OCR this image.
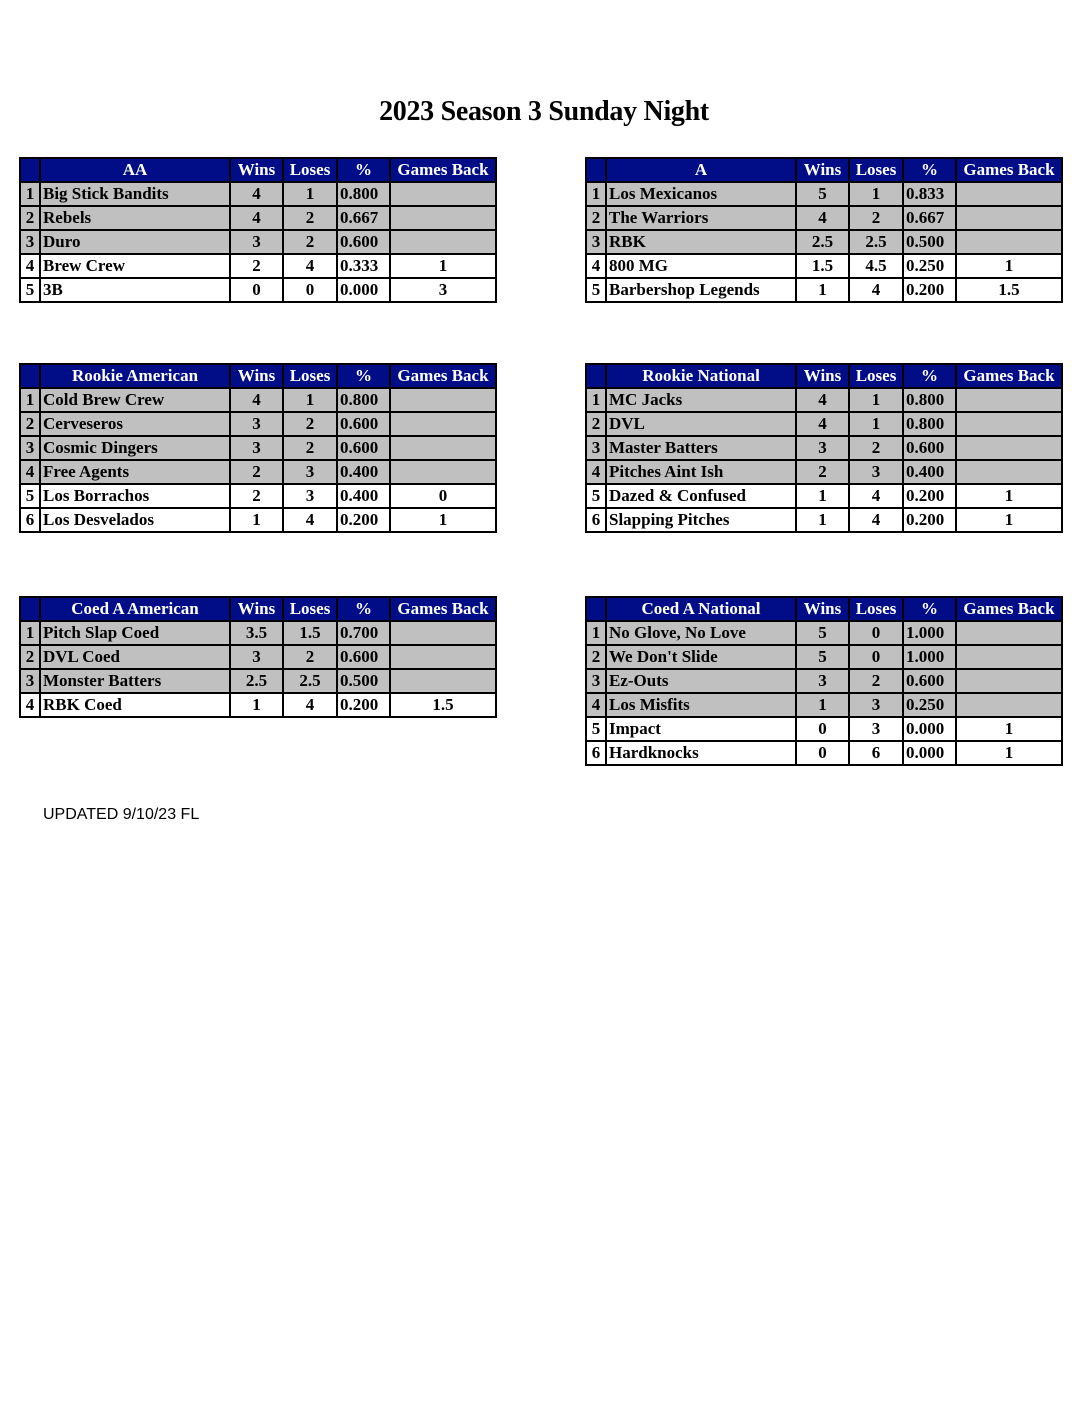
2023 Season 3 Sunday Night
	AA	Wins	Loses	%	Games Back
1	Big Stick Bandits	4	1	0.800	
2	Rebels	4	2	0.667	
3	Duro	3	2	0.600	
4	Brew Crew	2	4	0.333	1
5	3B	0	0	0.000	3
	A	Wins	Loses	%	Games Back
1	Los Mexicanos	5	1	0.833	
2	The Warriors	4	2	0.667	
3	RBK	2.5	2.5	0.500	
4	800 MG	1.5	4.5	0.250	1
5	Barbershop Legends	1	4	0.200	1.5
	Rookie American	Wins	Loses	%	Games Back
1	Cold Brew Crew	4	1	0.800	
2	Cerveseros	3	2	0.600	
3	Cosmic Dingers	3	2	0.600	
4	Free Agents	2	3	0.400	
5	Los Borrachos	2	3	0.400	0
6	Los Desvelados	1	4	0.200	1
	Rookie National	Wins	Loses	%	Games Back
1	MC Jacks	4	1	0.800	
2	DVL	4	1	0.800	
3	Master Batters	3	2	0.600	
4	Pitches Aint Ish	2	3	0.400	
5	Dazed & Confused	1	4	0.200	1
6	Slapping Pitches	1	4	0.200	1
	Coed A American	Wins	Loses	%	Games Back
1	Pitch Slap Coed	3.5	1.5	0.700	
2	DVL Coed	3	2	0.600	
3	Monster Batters	2.5	2.5	0.500	
4	RBK Coed	1	4	0.200	1.5
	Coed A National	Wins	Loses	%	Games Back
1	No Glove, No Love	5	0	1.000	
2	We Don't Slide	5	0	1.000	
3	Ez-Outs	3	2	0.600	
4	Los Misfits	1	3	0.250	
5	Impact	0	3	0.000	1
6	Hardknocks	0	6	0.000	1
UPDATED 9/10/23 FL
